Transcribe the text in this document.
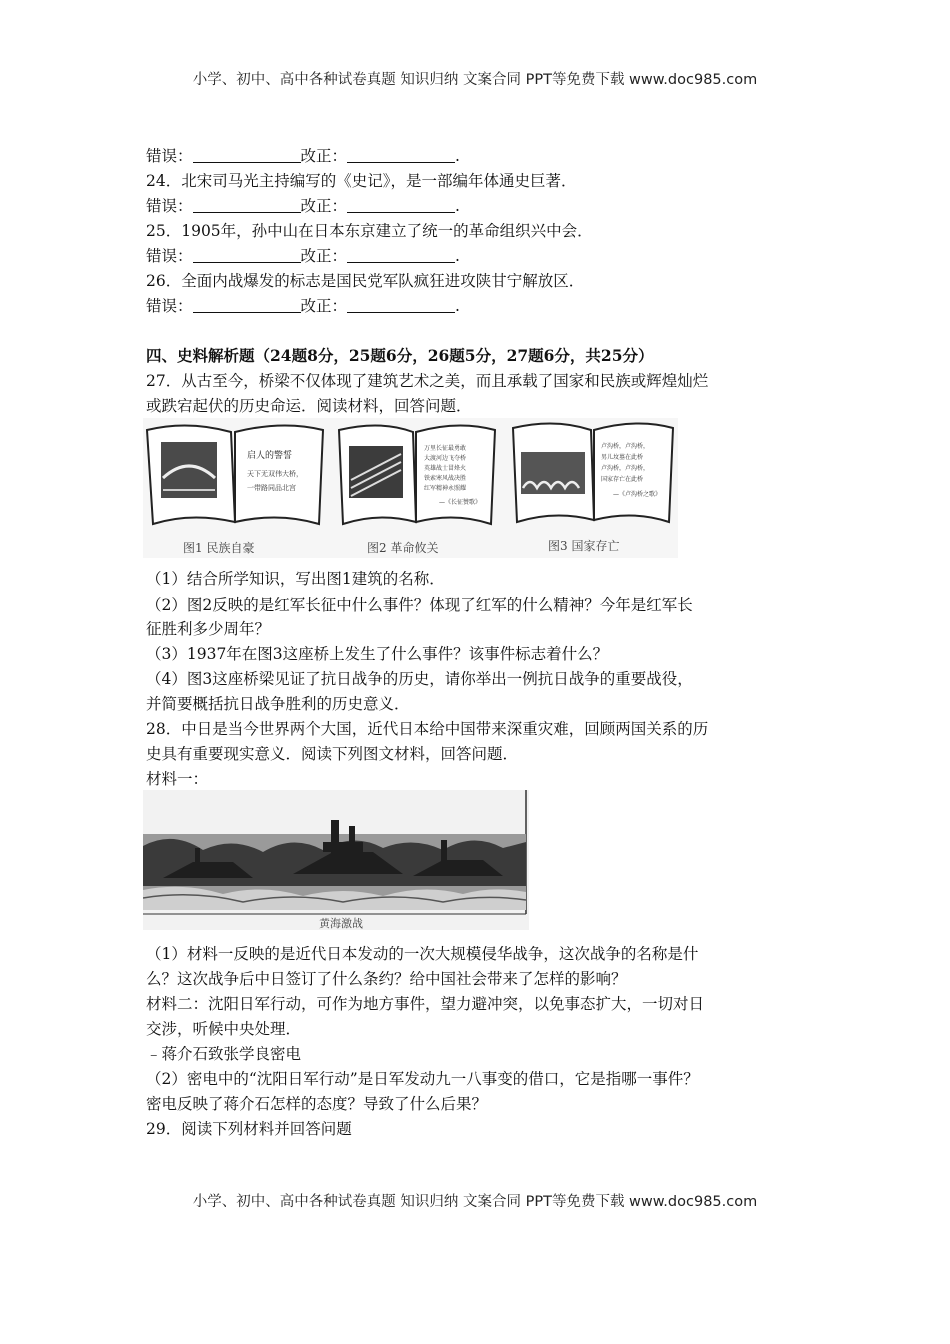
小学、初中、高中各种试卷真题 知识归纳 文案合同 PPT等免费下载 www.doc985.com
错误：	改正：	.
24．北宋司马光主持编写的《史记》，是一部编年体通史巨著．
错误：	改正：	.
25．1905年，孙中山在日本东京建立了统一的革命组织兴中会．
错误：	改正：	.
26．全面内战爆发的标志是国民党军队疯狂进攻陕甘宁解放区．
错误：	改正：	.
四、史料解析题（24题8分，25题6分，26题5分，27题6分，共25分）
27．从古至今，桥梁不仅体现了建筑艺术之美，而且承载了国家和民族或辉煌灿烂
或跌宕起伏的历史命运．阅读材料，回答问题．
启人的警誓
天下无双伟大桥，
一带路同品北宫
图1 民族自豪
万里长征最勇敢
大渡河边飞夺桥
英雄战士冒烽火
铁索寒风战决胜
红军精神永照耀
—《长征赞歌》
图2 革命攸关
卢沟桥，卢沟桥，
男儿坟墓在此桥
卢沟桥，卢沟桥，
国家存亡在此桥
—《卢沟桥之歌》
图3 国家存亡
（1）结合所学知识，写出图1建筑的名称．
（2）图2反映的是红军长征中什么事件？体现了红军的什么精神？今年是红军长
征胜利多少周年？
（3）1937年在图3这座桥上发生了什么事件？该事件标志着什么？
（4）图3这座桥梁见证了抗日战争的历史，请你举出一例抗日战争的重要战役，
并简要概括抗日战争胜利的历史意义．
28．中日是当今世界两个大国，近代日本给中国带来深重灾难，回顾两国关系的历
史具有重要现实意义．阅读下列图文材料，回答问题．
材料一：
黄海激战
（1）材料一反映的是近代日本发动的一次大规模侵华战争，这次战争的名称是什
么？这次战争后中日签订了什么条约？给中国社会带来了怎样的影响？
材料二：沈阳日军行动，可作为地方事件，望力避冲突，以免事态扩大，一切对日
交涉，听候中央处理．
﹣蒋介石致张学良密电
（2）密电中的“沈阳日军行动”是日军发动九一八事变的借口，它是指哪一事件？
密电反映了蒋介石怎样的态度？导致了什么后果？
29．阅读下列材料并回答问题
小学、初中、高中各种试卷真题 知识归纳 文案合同 PPT等免费下载 www.doc985.com
